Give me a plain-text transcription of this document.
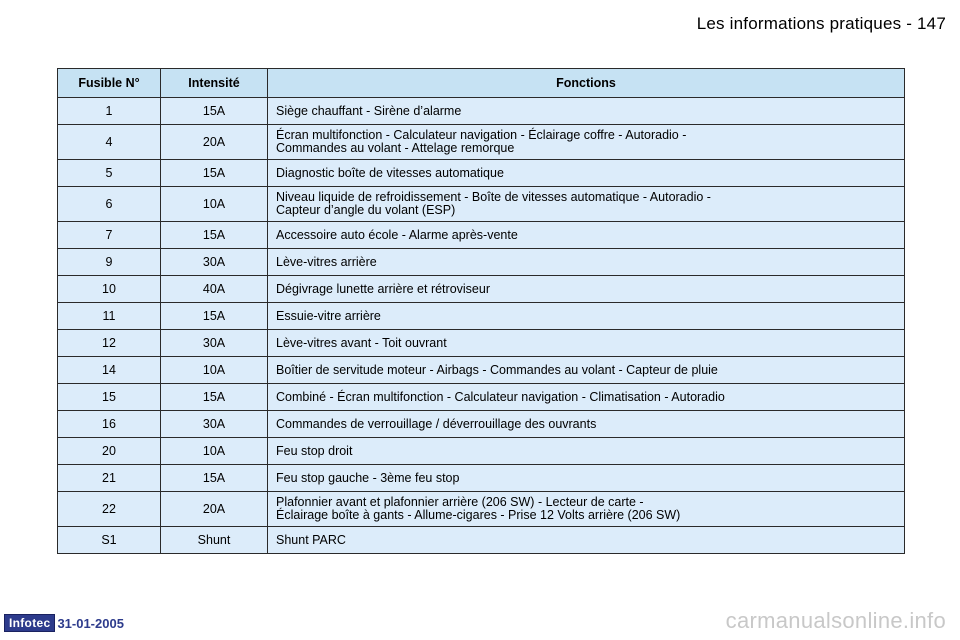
Les informations pratiques - 147
Fusible N°	Intensité	Fonctions
1	15A	Siège chauffant - Sirène d’alarme

4	20A	Écran multifonction - Calculateur navigation - Éclairage coffre - Autoradio -
Commandes au volant - Attelage remorque

5	15A	Diagnostic boîte de vitesses automatique

6	10A	Niveau liquide de refroidissement - Boîte de vitesses automatique - Autoradio -
Capteur d’angle du volant (ESP)

7	15A	Accessoire auto école - Alarme après-vente

9	30A	Lève-vitres arrière

10	40A	Dégivrage lunette arrière et rétroviseur

11	15A	Essuie-vitre arrière

12	30A	Lève-vitres avant - Toit ouvrant

14	10A	Boîtier de servitude moteur - Airbags - Commandes au volant - Capteur de pluie

15	15A	Combiné - Écran multifonction - Calculateur navigation - Climatisation - Autoradio

16	30A	Commandes de verrouillage / déverrouillage des ouvrants

20	10A	Feu stop droit

21	15A	Feu stop gauche - 3ème feu stop

22	20A	Plafonnier avant et plafonnier arrière (206 SW) - Lecteur de carte -
Éclairage boîte à gants - Allume-cigares - Prise 12 Volts arrière (206 SW)

S1	Shunt	Shunt PARC
Infotec 31-01-2005	carmanualsonline.info
